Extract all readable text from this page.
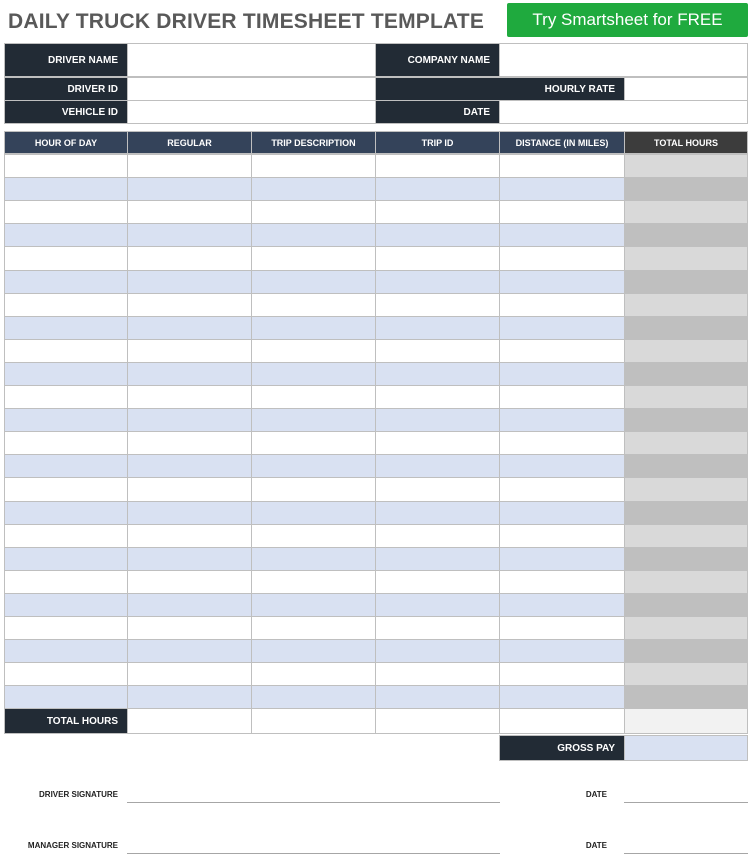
DAILY TRUCK DRIVER TIMESHEET TEMPLATE	Try Smartsheet for FREE
DRIVER NAME	COMPANY NAME
DRIVER ID	HOURLY RATE
VEHICLE ID	DATE
HOUR OF DAY	REGULAR	TRIP DESCRIPTION	TRIP ID	DISTANCE (IN MILES)	TOTAL HOURS
TOTAL HOURS
GROSS PAY
DRIVER SIGNATURE	DATE
MANAGER SIGNATURE	DATE
